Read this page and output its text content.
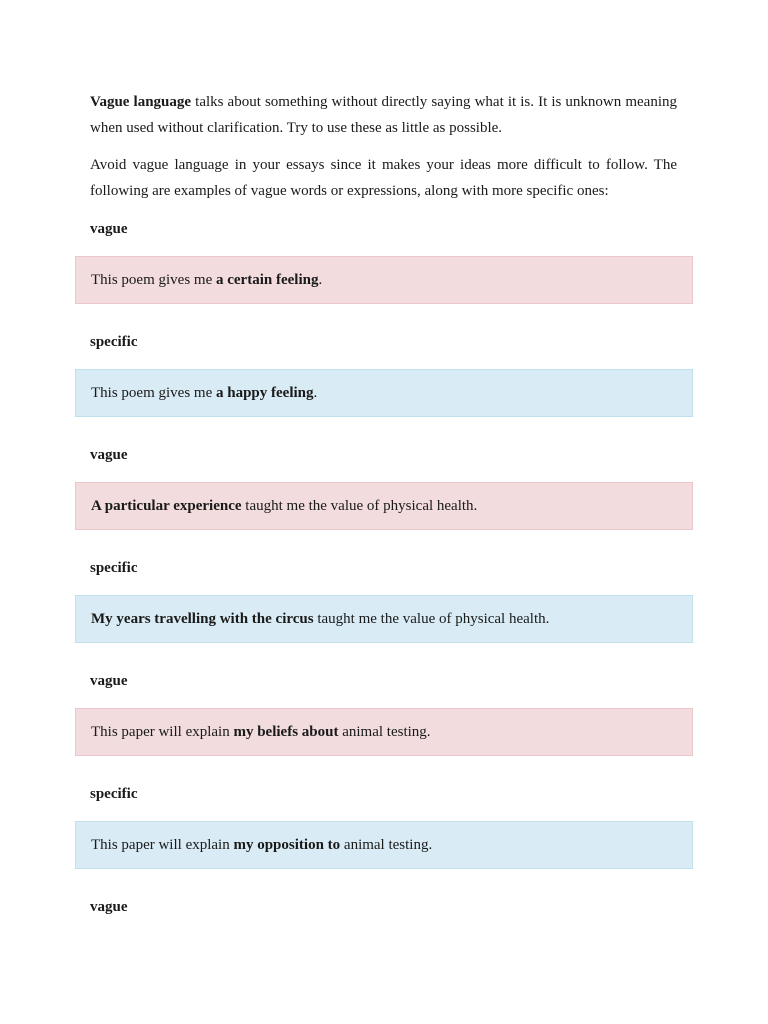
Vague language talks about something without directly saying what it is. It is unknown meaning when used without clarification. Try to use these as little as possible.

Avoid vague language in your essays since it makes your ideas more difficult to follow. The following are examples of vague words or expressions, along with more specific ones:

vague

This poem gives me a certain feeling.

specific

This poem gives me a happy feeling.

vague

A particular experience taught me the value of physical health.

specific

My years travelling with the circus taught me the value of physical health.

vague

This paper will explain my beliefs about animal testing.

specific

This paper will explain my opposition to animal testing.

vague
